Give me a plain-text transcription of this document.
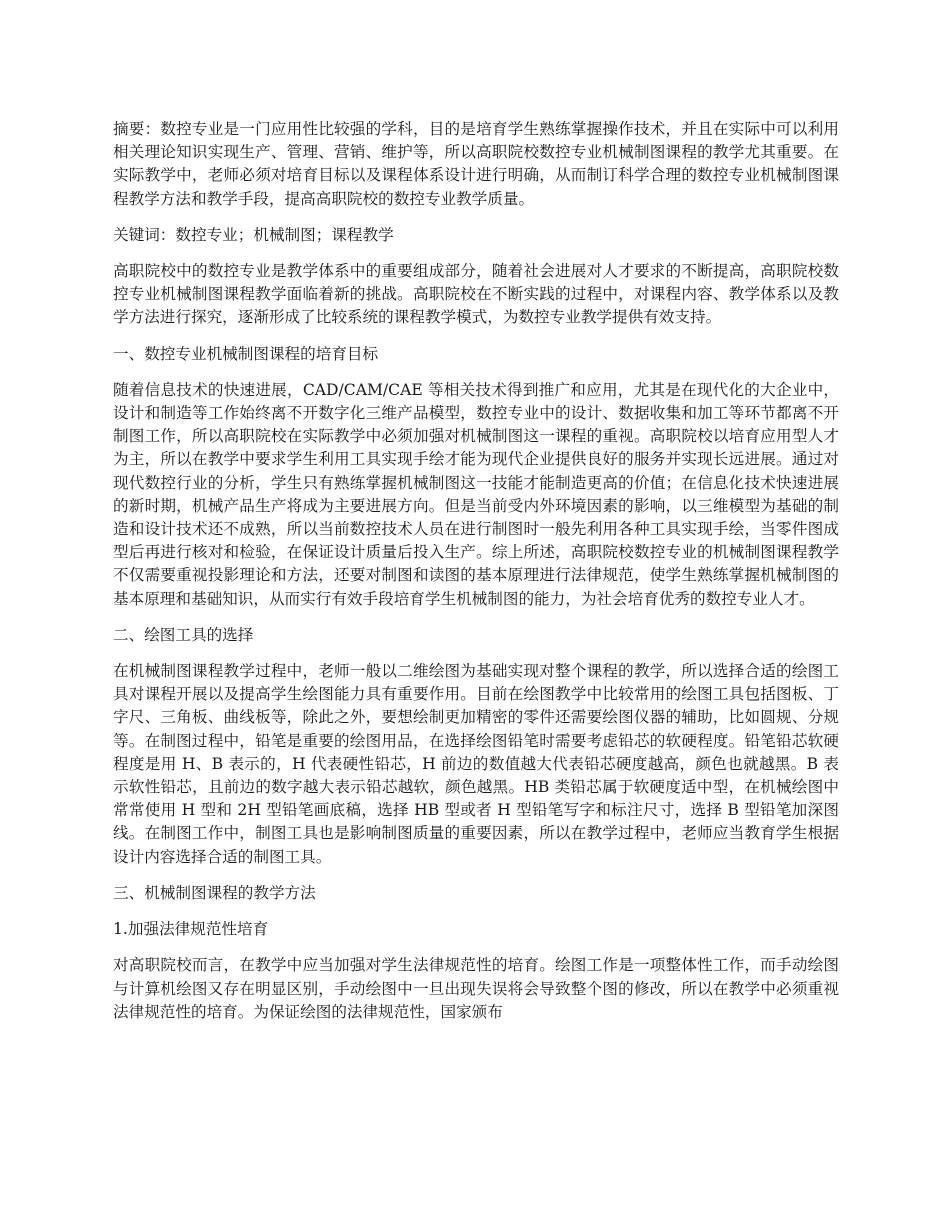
摘要：数控专业是一门应用性比较强的学科，目的是培育学生熟练掌握操作技术，并且在实际中可以利用相关理论知识实现生产、管理、营销、维护等，所以高职院校数控专业机械制图课程的教学尤其重要。在实际教学中，老师必须对培育目标以及课程体系设计进行明确，从而制订科学合理的数控专业机械制图课程教学方法和教学手段，提高高职院校的数控专业教学质量。

关键词：数控专业；机械制图；课程教学

高职院校中的数控专业是教学体系中的重要组成部分，随着社会进展对人才要求的不断提高，高职院校数控专业机械制图课程教学面临着新的挑战。高职院校在不断实践的过程中，对课程内容、教学体系以及教学方法进行探究，逐渐形成了比较系统的课程教学模式，为数控专业教学提供有效支持。

一、数控专业机械制图课程的培育目标

随着信息技术的快速进展，CAD/CAM/CAE 等相关技术得到推广和应用，尤其是在现代化的大企业中，设计和制造等工作始终离不开数字化三维产品模型，数控专业中的设计、数据收集和加工等环节都离不开制图工作，所以高职院校在实际教学中必须加强对机械制图这一课程的重视。高职院校以培育应用型人才为主，所以在教学中要求学生利用工具实现手绘才能为现代企业提供良好的服务并实现长远进展。通过对现代数控行业的分析，学生只有熟练掌握机械制图这一技能才能制造更高的价值；在信息化技术快速进展的新时期，机械产品生产将成为主要进展方向。但是当前受内外环境因素的影响，以三维模型为基础的制造和设计技术还不成熟，所以当前数控技术人员在进行制图时一般先利用各种工具实现手绘，当零件图成型后再进行核对和检验，在保证设计质量后投入生产。综上所述，高职院校数控专业的机械制图课程教学不仅需要重视投影理论和方法，还要对制图和读图的基本原理进行法律规范，使学生熟练掌握机械制图的基本原理和基础知识，从而实行有效手段培育学生机械制图的能力，为社会培育优秀的数控专业人才。

二、绘图工具的选择

在机械制图课程教学过程中，老师一般以二维绘图为基础实现对整个课程的教学，所以选择合适的绘图工具对课程开展以及提高学生绘图能力具有重要作用。目前在绘图教学中比较常用的绘图工具包括图板、丁字尺、三角板、曲线板等，除此之外，要想绘制更加精密的零件还需要绘图仪器的辅助，比如圆规、分规等。在制图过程中，铅笔是重要的绘图用品，在选择绘图铅笔时需要考虑铅芯的软硬程度。铅笔铅芯软硬程度是用 H、B 表示的，H 代表硬性铅芯，H 前边的数值越大代表铅芯硬度越高，颜色也就越黑。B 表示软性铅芯，且前边的数字越大表示铅芯越软，颜色越黑。HB 类铅芯属于软硬度适中型，在机械绘图中常常使用 H 型和 2H 型铅笔画底稿，选择 HB 型或者 H 型铅笔写字和标注尺寸，选择 B 型铅笔加深图线。在制图工作中，制图工具也是影响制图质量的重要因素，所以在教学过程中，老师应当教育学生根据设计内容选择合适的制图工具。

三、机械制图课程的教学方法

1.加强法律规范性培育

对高职院校而言，在教学中应当加强对学生法律规范性的培育。绘图工作是一项整体性工作，而手动绘图与计算机绘图又存在明显区别，手动绘图中一旦出现失误将会导致整个图的修改，所以在教学中必须重视法律规范性的培育。为保证绘图的法律规范性，国家颁布
